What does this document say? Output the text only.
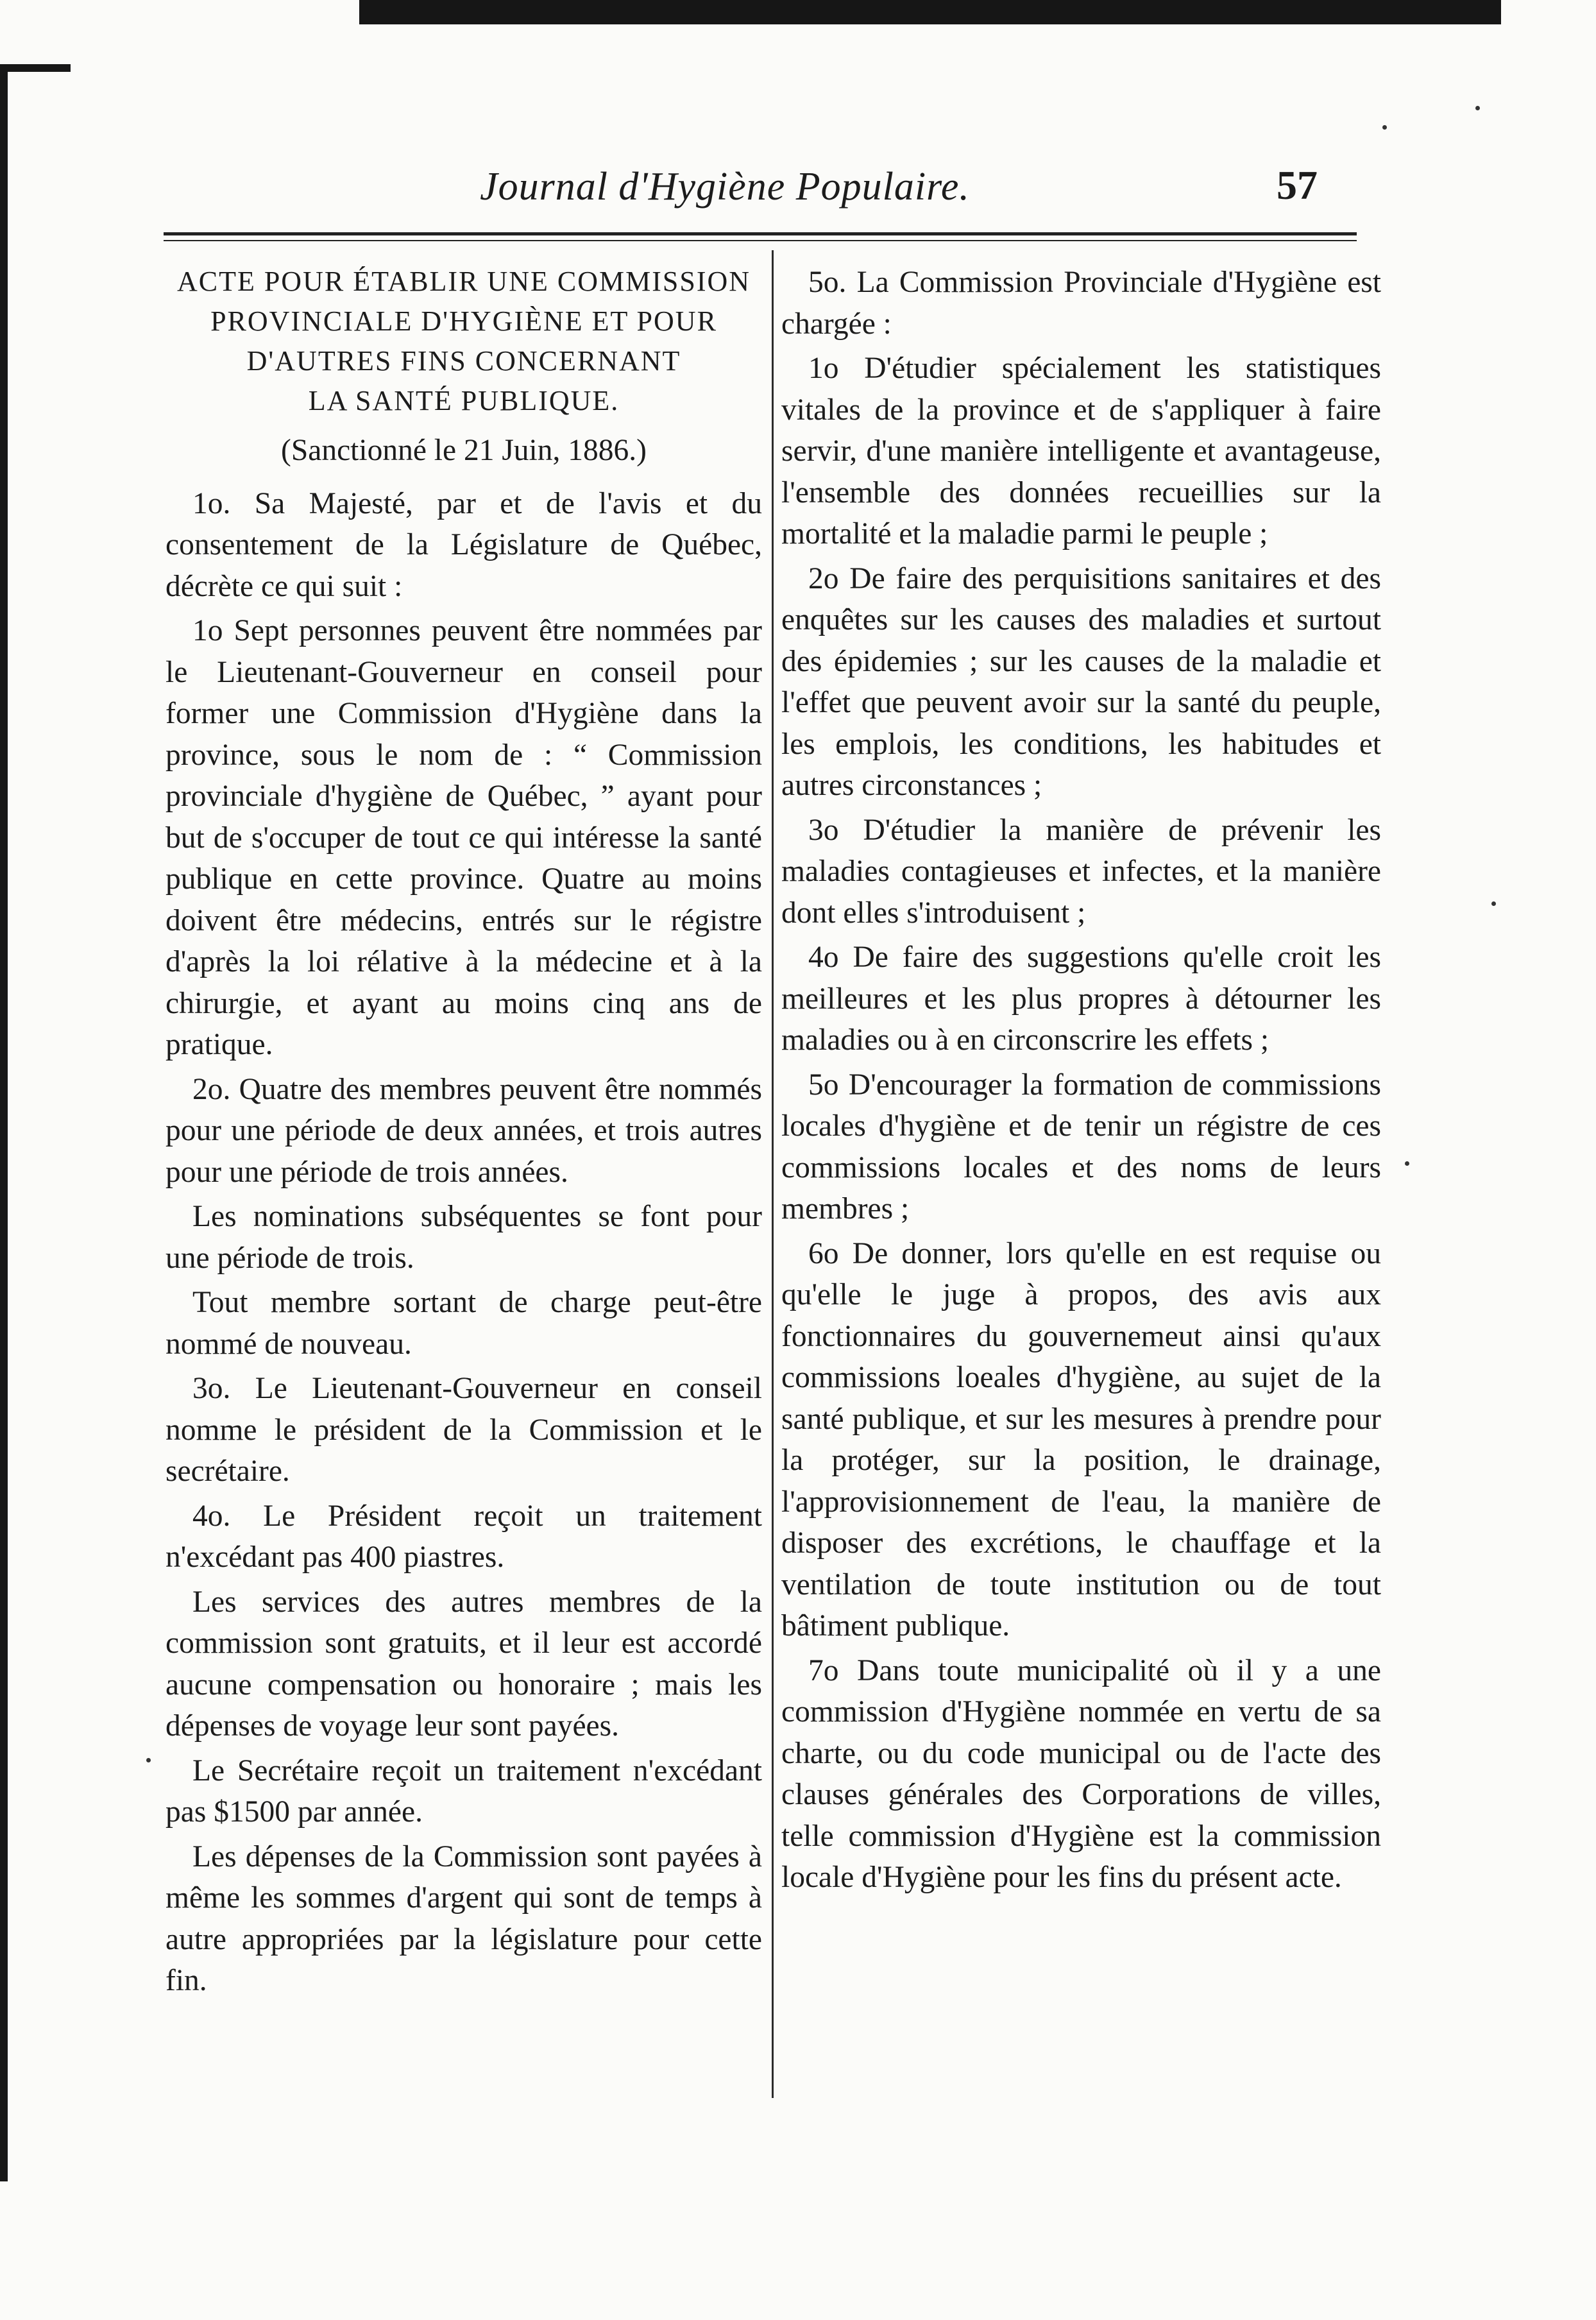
Journal d'Hygiène Populaire.	57
ACTE POUR ÉTABLIR UNE COMMISSION
PROVINCIALE D'HYGIÈNE ET POUR
D'AUTRES FINS CONCERNANT
LA SANTÉ PUBLIQUE.
(Sanctionné le 21 Juin, 1886.)

1o. Sa Majesté, par et de l'avis et du consentement de la Législature de Québec, décrète ce qui suit :

1o Sept personnes peuvent être nommées par le Lieutenant-Gouverneur en conseil pour former une Commission d'Hygiène dans la province, sous le nom de : “ Commission provinciale d'hygiène de Québec, ” ayant pour but de s'occuper de tout ce qui intéresse la santé publique en cette province. Quatre au moins doivent être médecins, entrés sur le régistre d'après la loi rélative à la médecine et à la chirurgie, et ayant au moins cinq ans de pratique.

2o. Quatre des membres peuvent être nommés pour une période de deux années, et trois autres pour une période de trois années.

Les nominations subséquentes se font pour une période de trois.

Tout membre sortant de charge peut-être nommé de nouveau.

3o. Le Lieutenant-Gouverneur en conseil nomme le président de la Commission et le secrétaire.

4o. Le Président reçoit un traitement n'excédant pas 400 piastres.

Les services des autres membres de la commission sont gratuits, et il leur est accordé aucune compensation ou honoraire ; mais les dépenses de voyage leur sont payées.

Le Secrétaire reçoit un traitement n'excédant pas $1500 par année.

Les dépenses de la Commission sont payées à même les sommes d'argent qui sont de temps à autre appropriées par la législature pour cette fin.

5o. La Commission Provinciale d'Hygiène est chargée :

1o D'étudier spécialement les statistiques vitales de la province et de s'appliquer à faire servir, d'une manière intelligente et avantageuse, l'ensemble des données recueillies sur la mortalité et la maladie parmi le peuple ;

2o De faire des perquisitions sanitaires et des enquêtes sur les causes des maladies et surtout des épidemies ; sur les causes de la maladie et l'effet que peuvent avoir sur la santé du peuple, les emplois, les conditions, les habitudes et autres circonstances ;

3o D'étudier la manière de prévenir les maladies contagieuses et infectes, et la manière dont elles s'introduisent ;

4o De faire des suggestions qu'elle croit les meilleures et les plus propres à détourner les maladies ou à en circonscrire les effets ;

5o D'encourager la formation de commissions locales d'hygiène et de tenir un régistre de ces commissions locales et des noms de leurs membres ;

6o De donner, lors qu'elle en est requise ou qu'elle le juge à propos, des avis aux fonctionnaires du gouvernemeut ainsi qu'aux commissions loeales d'hygiène, au sujet de la santé publique, et sur les mesures à prendre pour la protéger, sur la position, le drainage, l'approvisionnement de l'eau, la manière de disposer des excrétions, le chauffage et la ventilation de toute institution ou de tout bâtiment publique.

7o Dans toute municipalité où il y a une commission d'Hygiène nommée en vertu de sa charte, ou du code municipal ou de l'acte des clauses générales des Corporations de villes, telle commission d'Hygiène est la commission locale d'Hygiène pour les fins du présent acte.
